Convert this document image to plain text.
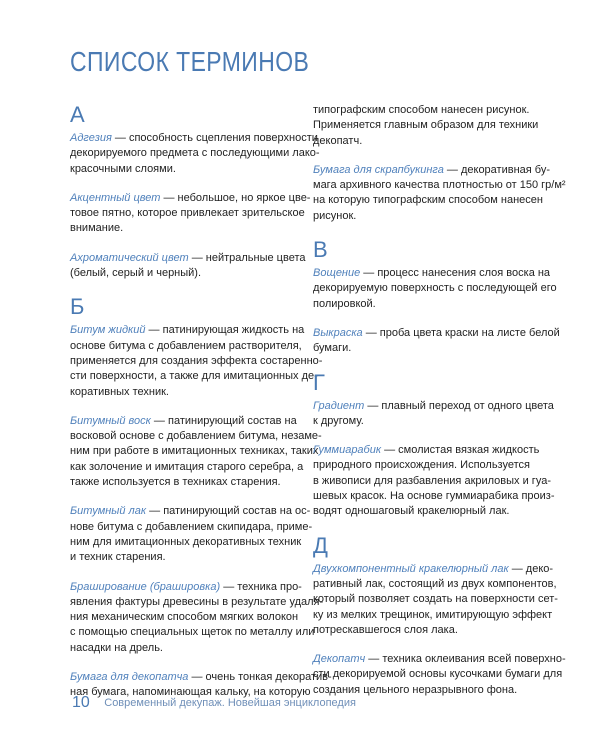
СПИСОК ТЕРМИНОВ
А
Адгезия — способность сцепления поверхности
декорируемого предмета с последующими лако-
красочными слоями.
Акцентный цвет — небольшое, но яркое цве-
товое пятно, которое привлекает зрительское
внимание.
Ахроматический цвет — нейтральные цвета
(белый, серый и черный).
Б
Битум жидкий — патинирующая жидкость на
основе битума с добавлением растворителя,
применяется для создания эффекта состаренно-
сти поверхности, а также для имитационных де-
коративных техник.
Битумный воск — патинирующий состав на
восковой основе с добавлением битума, незаме-
ним при работе в имитационных техниках, таких
как золочение и имитация старого серебра, а
также используется в техниках старения.
Битумный лак — патинирующий состав на ос-
нове битума с добавлением скипидара, приме-
ним для имитационных декоративных техник
и техник старения.
Браширование (брашировка) — техника про-
явления фактуры древесины в результате удаля-
ния механическим способом мягких волокон
с помощью специальных щеток по металлу или
насадки на дрель.
Бумага для декопатча — очень тонкая декоратив-
ная бумага, напоминающая кальку, на которую
типографским способом нанесен рисунок.
Применяется главным образом для техники
декопатч.
Бумага для скрапбукинга — декоративная бу-
мага архивного качества плотностью от 150 гр/м²
на которую типографским способом нанесен
рисунок.
В
Вощение — процесс нанесения слоя воска на
декорируемую поверхность с последующей его
полировкой.
Выкраска — проба цвета краски на листе белой
бумаги.
Г
Градиент — плавный переход от одного цвета
к другому.
Гуммиарабик — смолистая вязкая жидкость
природного происхождения. Используется
в живописи для разбавления акриловых и гуа-
шевых красок. На основе гуммиарабика произ-
водят одношаговый кракелюрный лак.
Д
Двухкомпонентный кракелюрный лак — деко-
ративный лак, состоящий из двух компонентов,
который позволяет создать на поверхности сет-
ку из мелких трещинок, имитирующую эффект
потрескавшегося слоя лака.
Декопатч — техника оклеивания всей поверхно-
сти декорируемой основы кусочками бумаги для
создания цельного неразрывного фона.
10 Современный декупаж. Новейшая энциклопедия
